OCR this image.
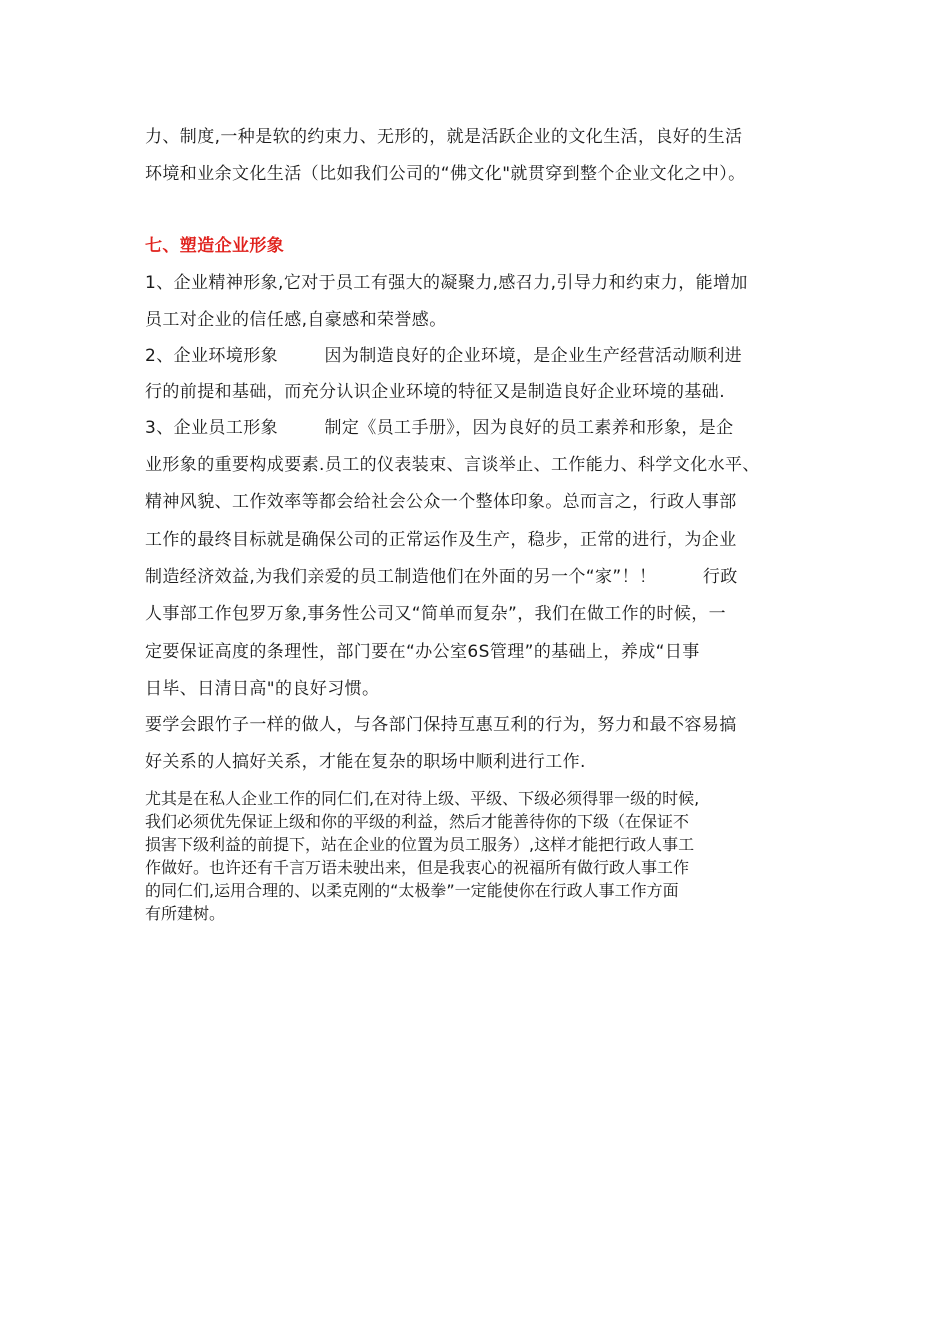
力、制度,一种是软的约束力、无形的，就是活跃企业的文化生活，良好的生活
环境和业余文化生活（比如我们公司的“佛文化"就贯穿到整个企业文化之中）。
七、塑造企业形象
1、企业精神形象,它对于员工有强大的凝聚力,感召力,引导力和约束力，能增加
员工对企业的信任感,自豪感和荣誉感。
2、企业环境形象        因为制造良好的企业环境，是企业生产经营活动顺利进
行的前提和基础，而充分认识企业环境的特征又是制造良好企业环境的基础.
3、企业员工形象        制定《员工手册》，因为良好的员工素养和形象，是企
业形象的重要构成要素.员工的仪表装束、言谈举止、工作能力、科学文化水平、
精神风貌、工作效率等都会给社会公众一个整体印象。总而言之，行政人事部
工作的最终目标就是确保公司的正常运作及生产，稳步，正常的进行，为企业
制造经济效益,为我们亲爱的员工制造他们在外面的另一个“家”！！        行政
人事部工作包罗万象,事务性公司又“简单而复杂”，我们在做工作的时候，一
定要保证高度的条理性，部门要在“办公室6S管理”的基础上，养成“日事
日毕、日清日高"的良好习惯。
要学会跟竹子一样的做人，与各部门保持互惠互利的行为，努力和最不容易搞
好关系的人搞好关系，才能在复杂的职场中顺利进行工作.
尤其是在私人企业工作的同仁们,在对待上级、平级、下级必须得罪一级的时候,
我们必须优先保证上级和你的平级的利益，然后才能善待你的下级（在保证不
损害下级利益的前提下，站在企业的位置为员工服务）,这样才能把行政人事工
作做好。也许还有千言万语未驶出来，但是我衷心的祝福所有做行政人事工作
的同仁们,运用合理的、以柔克刚的“太极拳”一定能使你在行政人事工作方面
有所建树。
